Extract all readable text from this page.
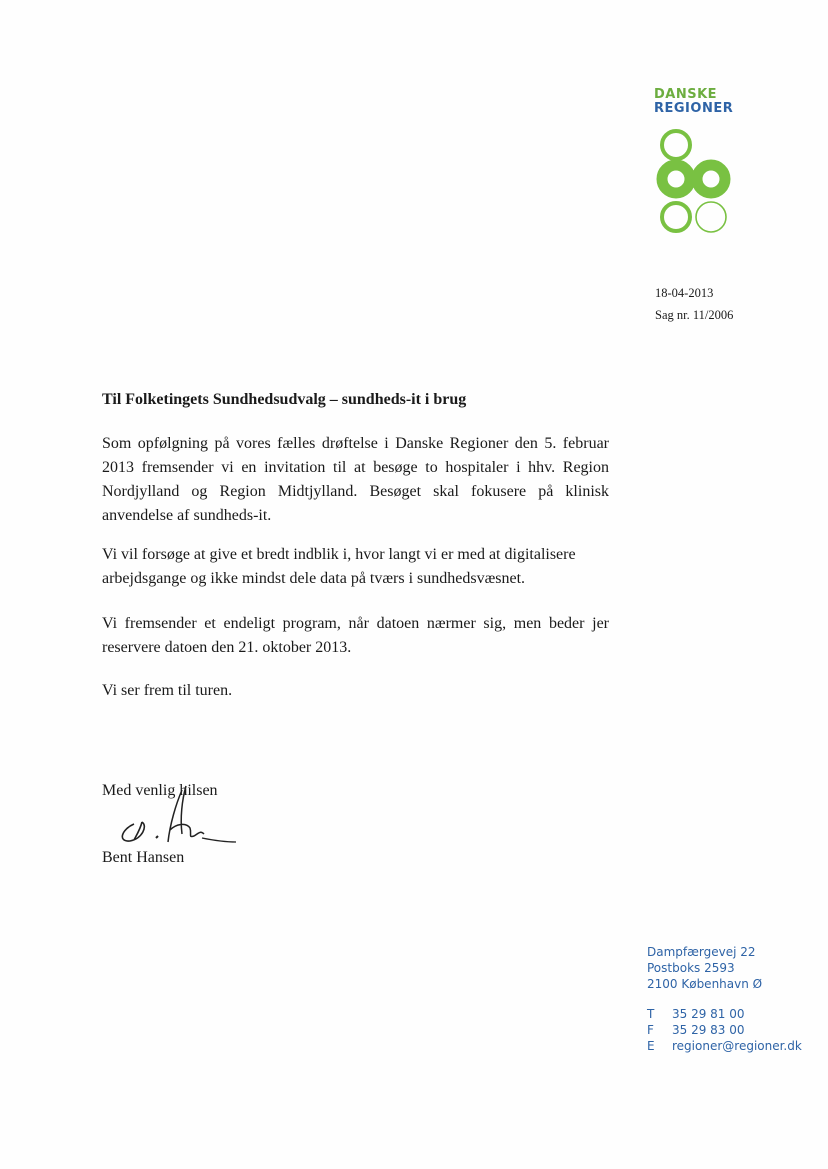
DANSKE
REGIONER
18-04-2013
Sag nr. 11/2006
Til Folketingets Sundhedsudvalg – sundheds-it i brug

Som opfølgning på vores fælles drøftelse i Danske Regioner den 5. februar 2013 fremsender vi en invitation til at besøge to hospitaler i hhv. Region Nordjylland og Region Midtjylland. Besøget skal fokusere på klinisk anvendelse af sundheds-it.

Vi vil forsøge at give et bredt indblik i, hvor langt vi er med at digitalisere arbejdsgange og ikke mindst dele data på tværs i sundhedsvæsnet.

Vi fremsender et endeligt program, når datoen nærmer sig, men beder jer reservere datoen den 21. oktober 2013.

Vi ser frem til turen.

Med venlig hilsen
Bent Hansen
Dampfærgevej 22
Postboks 2593
2100 København Ø
T	35 29 81 00
F	35 29 83 00
E	regioner@regioner.dk
